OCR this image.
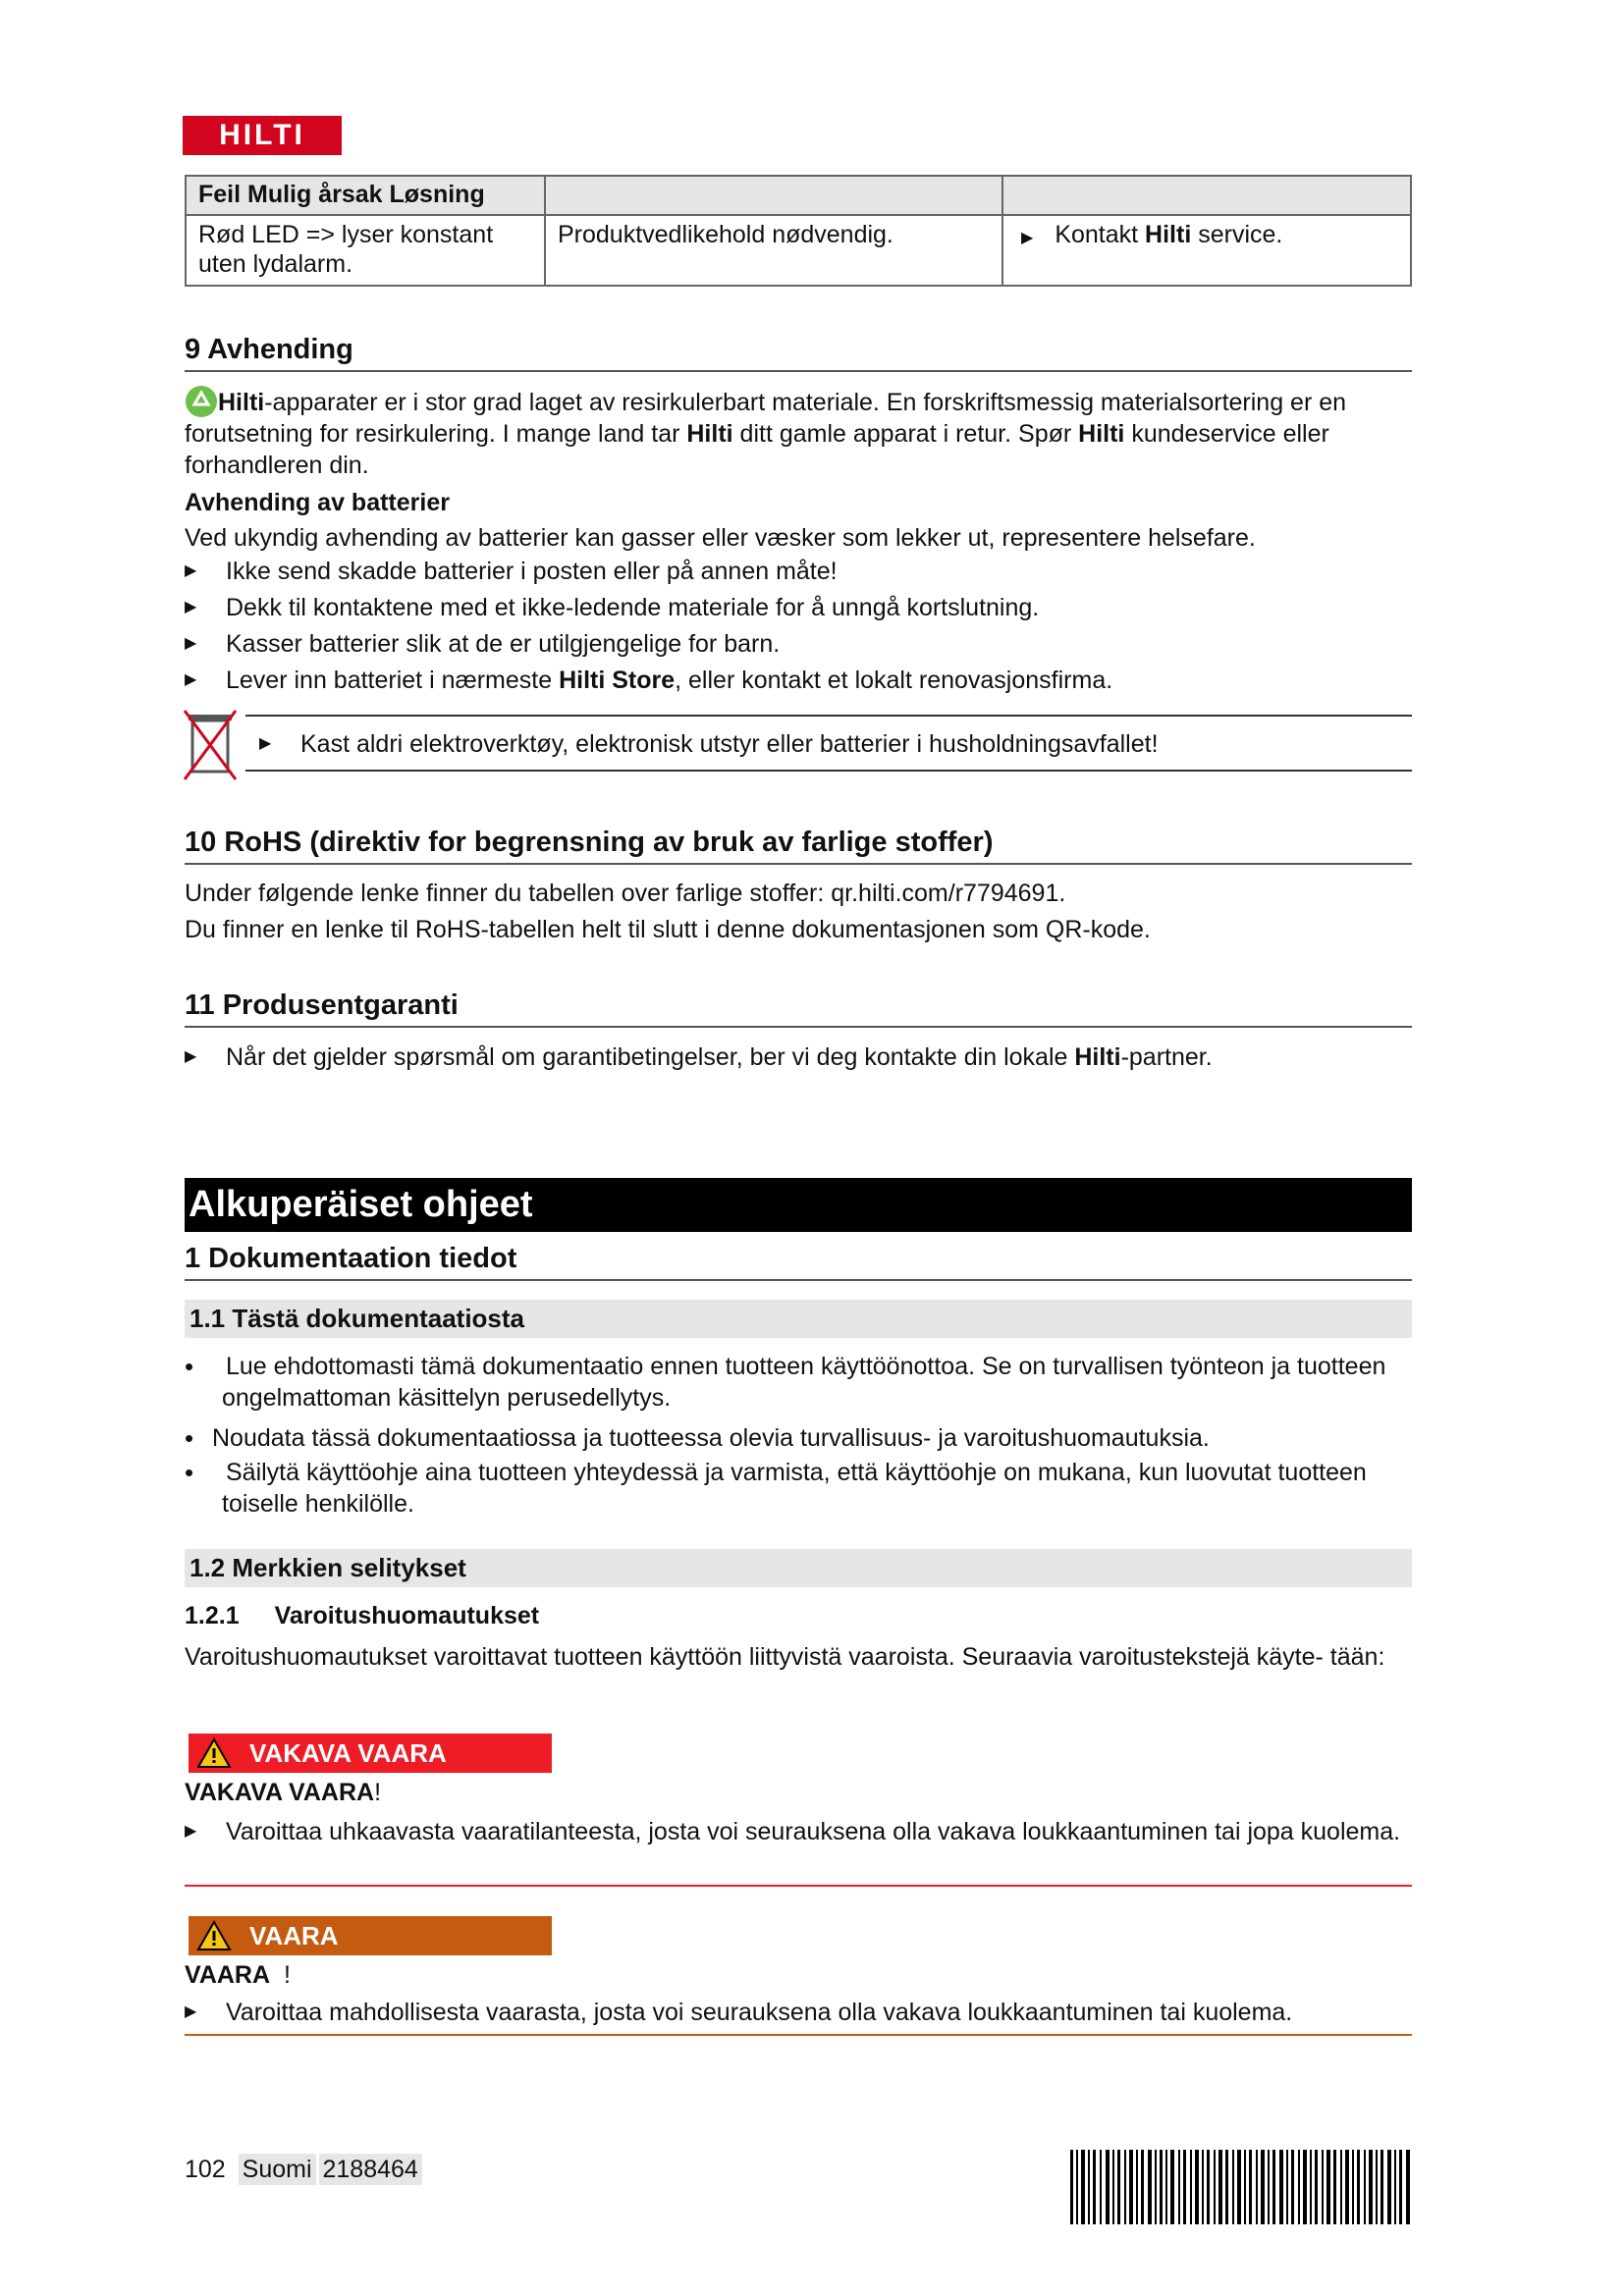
HILTI
Feil Mulig årsak Løsning		
Rød LED => lyser konstant uten lydalarm.	Produktvedlikehold nødvendig.	▶ Kontakt Hilti service.
9 Avhending
Hilti-apparater er i stor grad laget av resirkulerbart materiale. En forskriftsmessig materialsortering er en forutsetning for resirkulering. I mange land tar Hilti ditt gamle apparat i retur. Spør Hilti kundeservice eller forhandleren din.
Avhending av batterier
Ved ukyndig avhending av batterier kan gasser eller væsker som lekker ut, representere helsefare.
▶ Ikke send skadde batterier i posten eller på annen måte!
▶ Dekk til kontaktene med et ikke-ledende materiale for å unngå kortslutning.
▶ Kasser batterier slik at de er utilgjengelige for barn.
▶ Lever inn batteriet i nærmeste Hilti Store, eller kontakt et lokalt renovasjonsfirma.
▶ Kast aldri elektroverktøy, elektronisk utstyr eller batterier i husholdningsavfallet!
10 RoHS (direktiv for begrensning av bruk av farlige stoffer)
Under følgende lenke finner du tabellen over farlige stoffer: qr.hilti.com/r7794691.
Du finner en lenke til RoHS-tabellen helt til slutt i denne dokumentasjonen som QR-kode.
11 Produsentgaranti
▶ Når det gjelder spørsmål om garantibetingelser, ber vi deg kontakte din lokale Hilti-partner.
Alkuperäiset ohjeet
1 Dokumentaation tiedot
1.1 Tästä dokumentaatiosta
•	Lue ehdottomasti tämä dokumentaatio ennen tuotteen käyttöönottoa. Se on turvallisen työnteon ja tuotteen ongelmattoman käsittelyn perusedellytys.
• Noudata tässä dokumentaatiossa ja tuotteessa olevia turvallisuus- ja varoitushuomautuksia.
•	Säilytä käyttöohje aina tuotteen yhteydessä ja varmista, että käyttöohje on mukana, kun luovutat tuotteen toiselle henkilölle.
1.2 Merkkien selitykset
1.2.1 Varoitushuomautukset
Varoitushuomautukset varoittavat tuotteen käyttöön liittyvistä vaaroista. Seuraavia varoitustekstejä käyte- tään:
VAKAVA VAARA
VAKAVA VAARA!
▶ Varoittaa uhkaavasta vaaratilanteesta, josta voi seurauksena olla vakava loukkaantuminen tai jopa kuolema.
VAARA
VAARA !
▶ Varoittaa mahdollisesta vaarasta, josta voi seurauksena olla vakava loukkaantuminen tai kuolema.
102 Suomi 2188464
